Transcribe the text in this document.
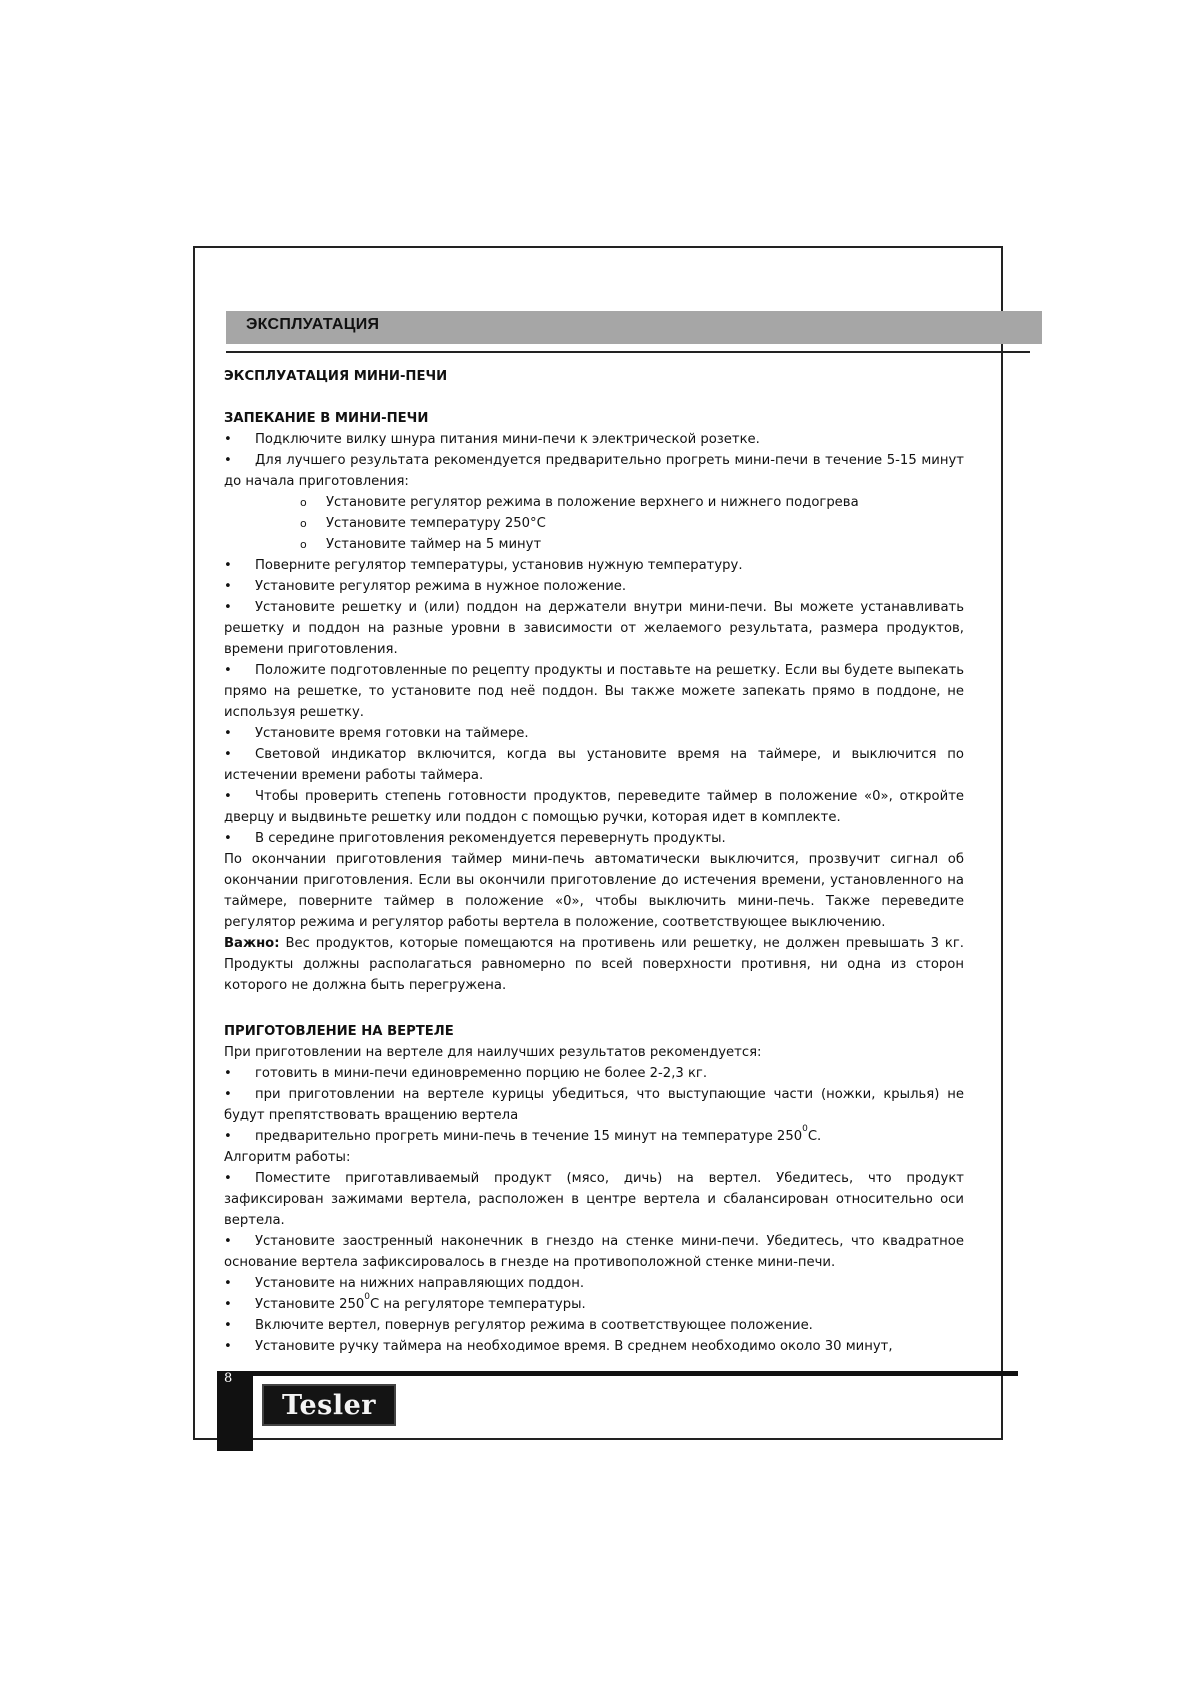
ЭКСПЛУАТАЦИЯ
ЭКСПЛУАТАЦИЯ МИНИ-ПЕЧИ
ЗАПЕКАНИЕ В МИНИ-ПЕЧИ
• Подключите вилку шнура питания мини-печи к электрической розетке.
• Для лучшего результата рекомендуется предварительно прогреть мини-печи в течение 5-15 минут до начала приготовления:
o Установите регулятор режима в положение верхнего и нижнего подогрева
o Установите температуру 250°С
o Установите таймер на 5 минут
• Поверните регулятор температуры, установив нужную температуру.
• Установите регулятор режима в нужное положение.
• Установите решетку и (или) поддон на держатели внутри мини-печи. Вы можете устанавливать решетку и поддон на разные уровни в зависимости от желаемого результата, размера продуктов, времени приготовления.
• Положите подготовленные по рецепту продукты и поставьте на решетку. Если вы будете выпекать прямо на решетке, то установите под неё поддон. Вы также можете запекать прямо в поддоне, не используя решетку.
• Установите время готовки на таймере.
• Световой индикатор включится, когда вы установите время на таймере, и выключится по истечении времени работы таймера.
• Чтобы проверить степень готовности продуктов, переведите таймер в положение «0», откройте дверцу и выдвиньте решетку или поддон с помощью ручки, которая идет в комплекте.
• В середине приготовления рекомендуется перевернуть продукты.

По окончании приготовления таймер мини-печь автоматически выключится, прозвучит сигнал об окончании приготовления. Если вы окончили приготовление до истечения времени, установленного на таймере, поверните таймер в положение «0», чтобы выключить мини-печь. Также переведите регулятор режима и регулятор работы вертела в положение, соответствующее выключению.

Важно: Вес продуктов, которые помещаются на противень или решетку, не должен превышать 3 кг. Продукты должны располагаться равномерно по всей поверхности противня, ни одна из сторон которого не должна быть перегружена.

ПРИГОТОВЛЕНИЕ НА ВЕРТЕЛЕ

При приготовлении на вертеле для наилучших результатов рекомендуется:

• готовить в мини-печи единовременно порцию не более 2-2,3 кг.
• при приготовлении на вертеле курицы убедиться, что выступающие части (ножки, крылья) не будут препятствовать вращению вертела
• предварительно прогреть мини-печь в течение 15 минут на температуре $250^0С$.

Алгоритм работы:

• Поместите приготавливаемый продукт (мясо, дичь) на вертел. Убедитесь, что продукт зафиксирован зажимами вертела, расположен в центре вертела и сбалансирован относительно оси вертела.
• Установите заостренный наконечник в гнездо на стенке мини-печи. Убедитесь, что квадратное основание вертела зафиксировалось в гнезде на противоположной стенке мини-печи.
• Установите на нижних направляющих поддон.
• Установите $250^0С$ на регуляторе температуры.
• Включите вертел, повернув регулятор режима в соответствующее положение.
• Установите ручку таймера на необходимое время. В среднем необходимо около 30 минут,
8
Tesler
